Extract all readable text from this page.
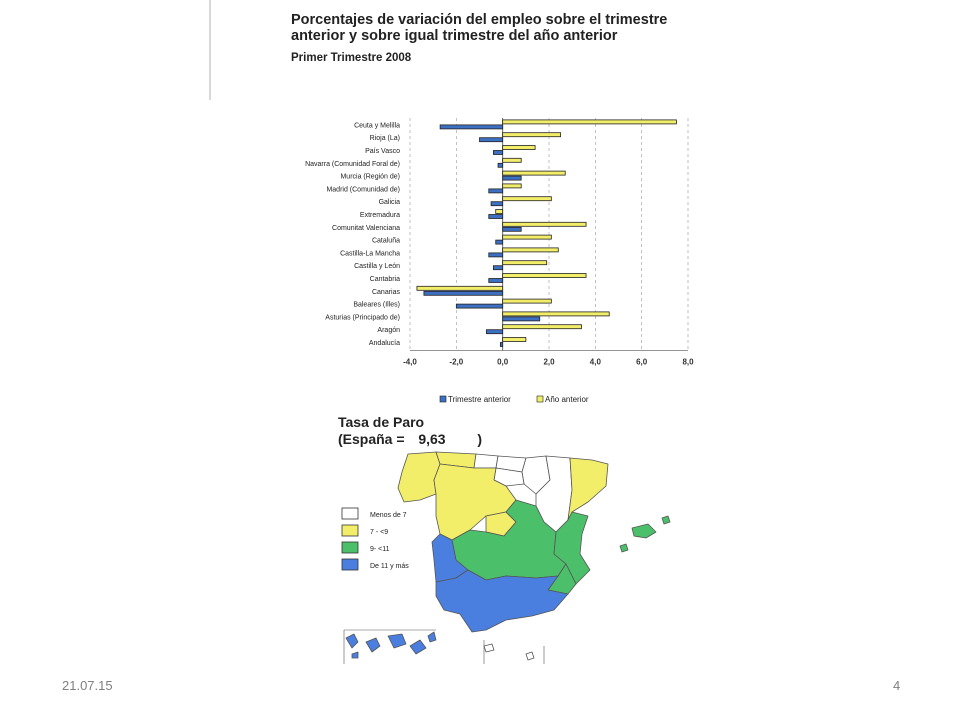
Porcentajes de variación del empleo sobre el trimestre anterior y sobre igual trimestre del año anterior
Primer Trimestre 2008
-4,0	-2,0	0,0	2,0	4,0	6,0	8,0
Ceuta y Melilla
Rioja (La)
País Vasco
Navarra (Comunidad Foral de)
Murcia (Región de)
Madrid (Comunidad de)
Galicia
Extremadura
Comunitat Valenciana
Cataluña
Castilla-La Mancha
Castilla y León
Cantabria
Canarias
Baleares (Illes)
Asturias (Principado de)
Aragón
Andalucía
Trimestre anterior	Año anterior
Tasa de Paro
(España = 9,63 )
Menos de 7
7 - <9
9- <11
De 11 y más
21.07.15	4
